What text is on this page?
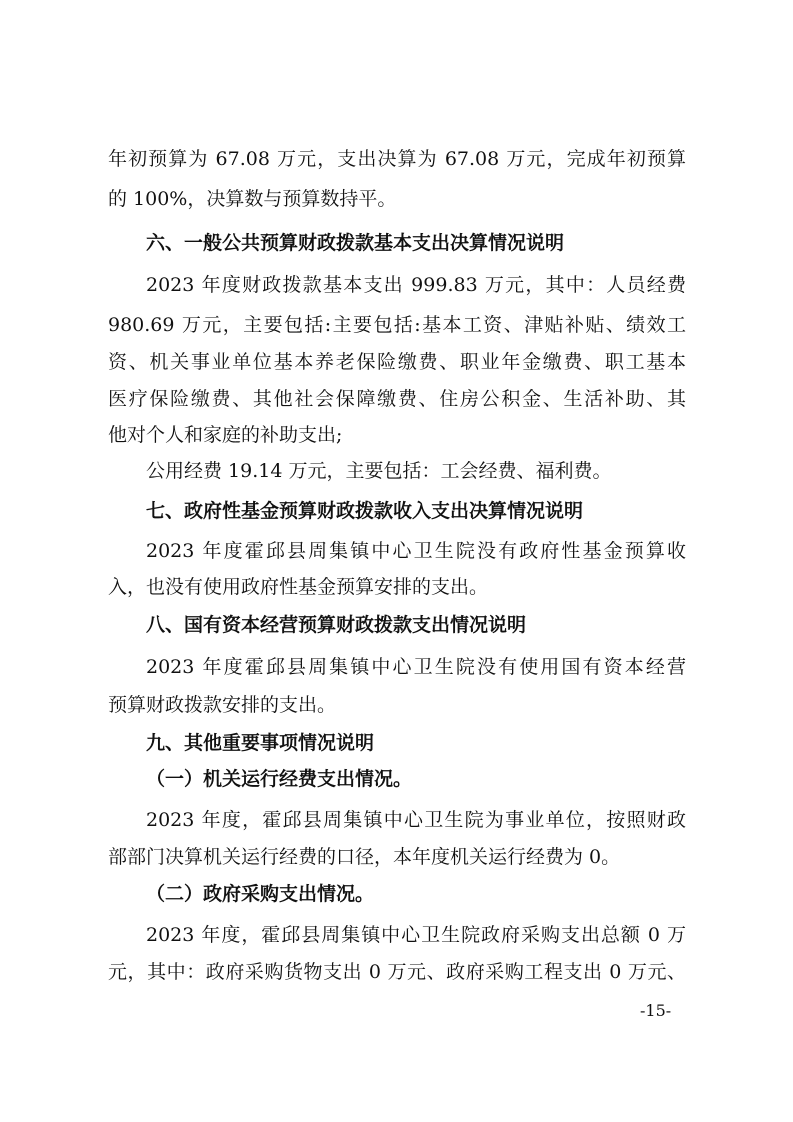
年初预算为 67.08 万元，支出决算为 67.08 万元，完成年初预算
的 100%，决算数与预算数持平。
六、一般公共预算财政拨款基本支出决算情况说明
2023 年度财政拨款基本支出 999.83 万元，其中：人员经费
980.69 万元，主要包括:主要包括:基本工资、津贴补贴、绩效工
资、机关事业单位基本养老保险缴费、职业年金缴费、职工基本
医疗保险缴费、其他社会保障缴费、住房公积金、生活补助、其
他对个人和家庭的补助支出;
公用经费 19.14 万元，主要包括：工会经费、福利费。
七、政府性基金预算财政拨款收入支出决算情况说明
2023 年度霍邱县周集镇中心卫生院没有政府性基金预算收
入，也没有使用政府性基金预算安排的支出。
八、国有资本经营预算财政拨款支出情况说明
2023 年度霍邱县周集镇中心卫生院没有使用国有资本经营
预算财政拨款安排的支出。
九、其他重要事项情况说明
（一）机关运行经费支出情况。
2023 年度，霍邱县周集镇中心卫生院为事业单位，按照财政
部部门决算机关运行经费的口径，本年度机关运行经费为 0。
（二）政府采购支出情况。
2023 年度，霍邱县周集镇中心卫生院政府采购支出总额 0 万
元，其中：政府采购货物支出 0 万元、政府采购工程支出 0 万元、
-15-
